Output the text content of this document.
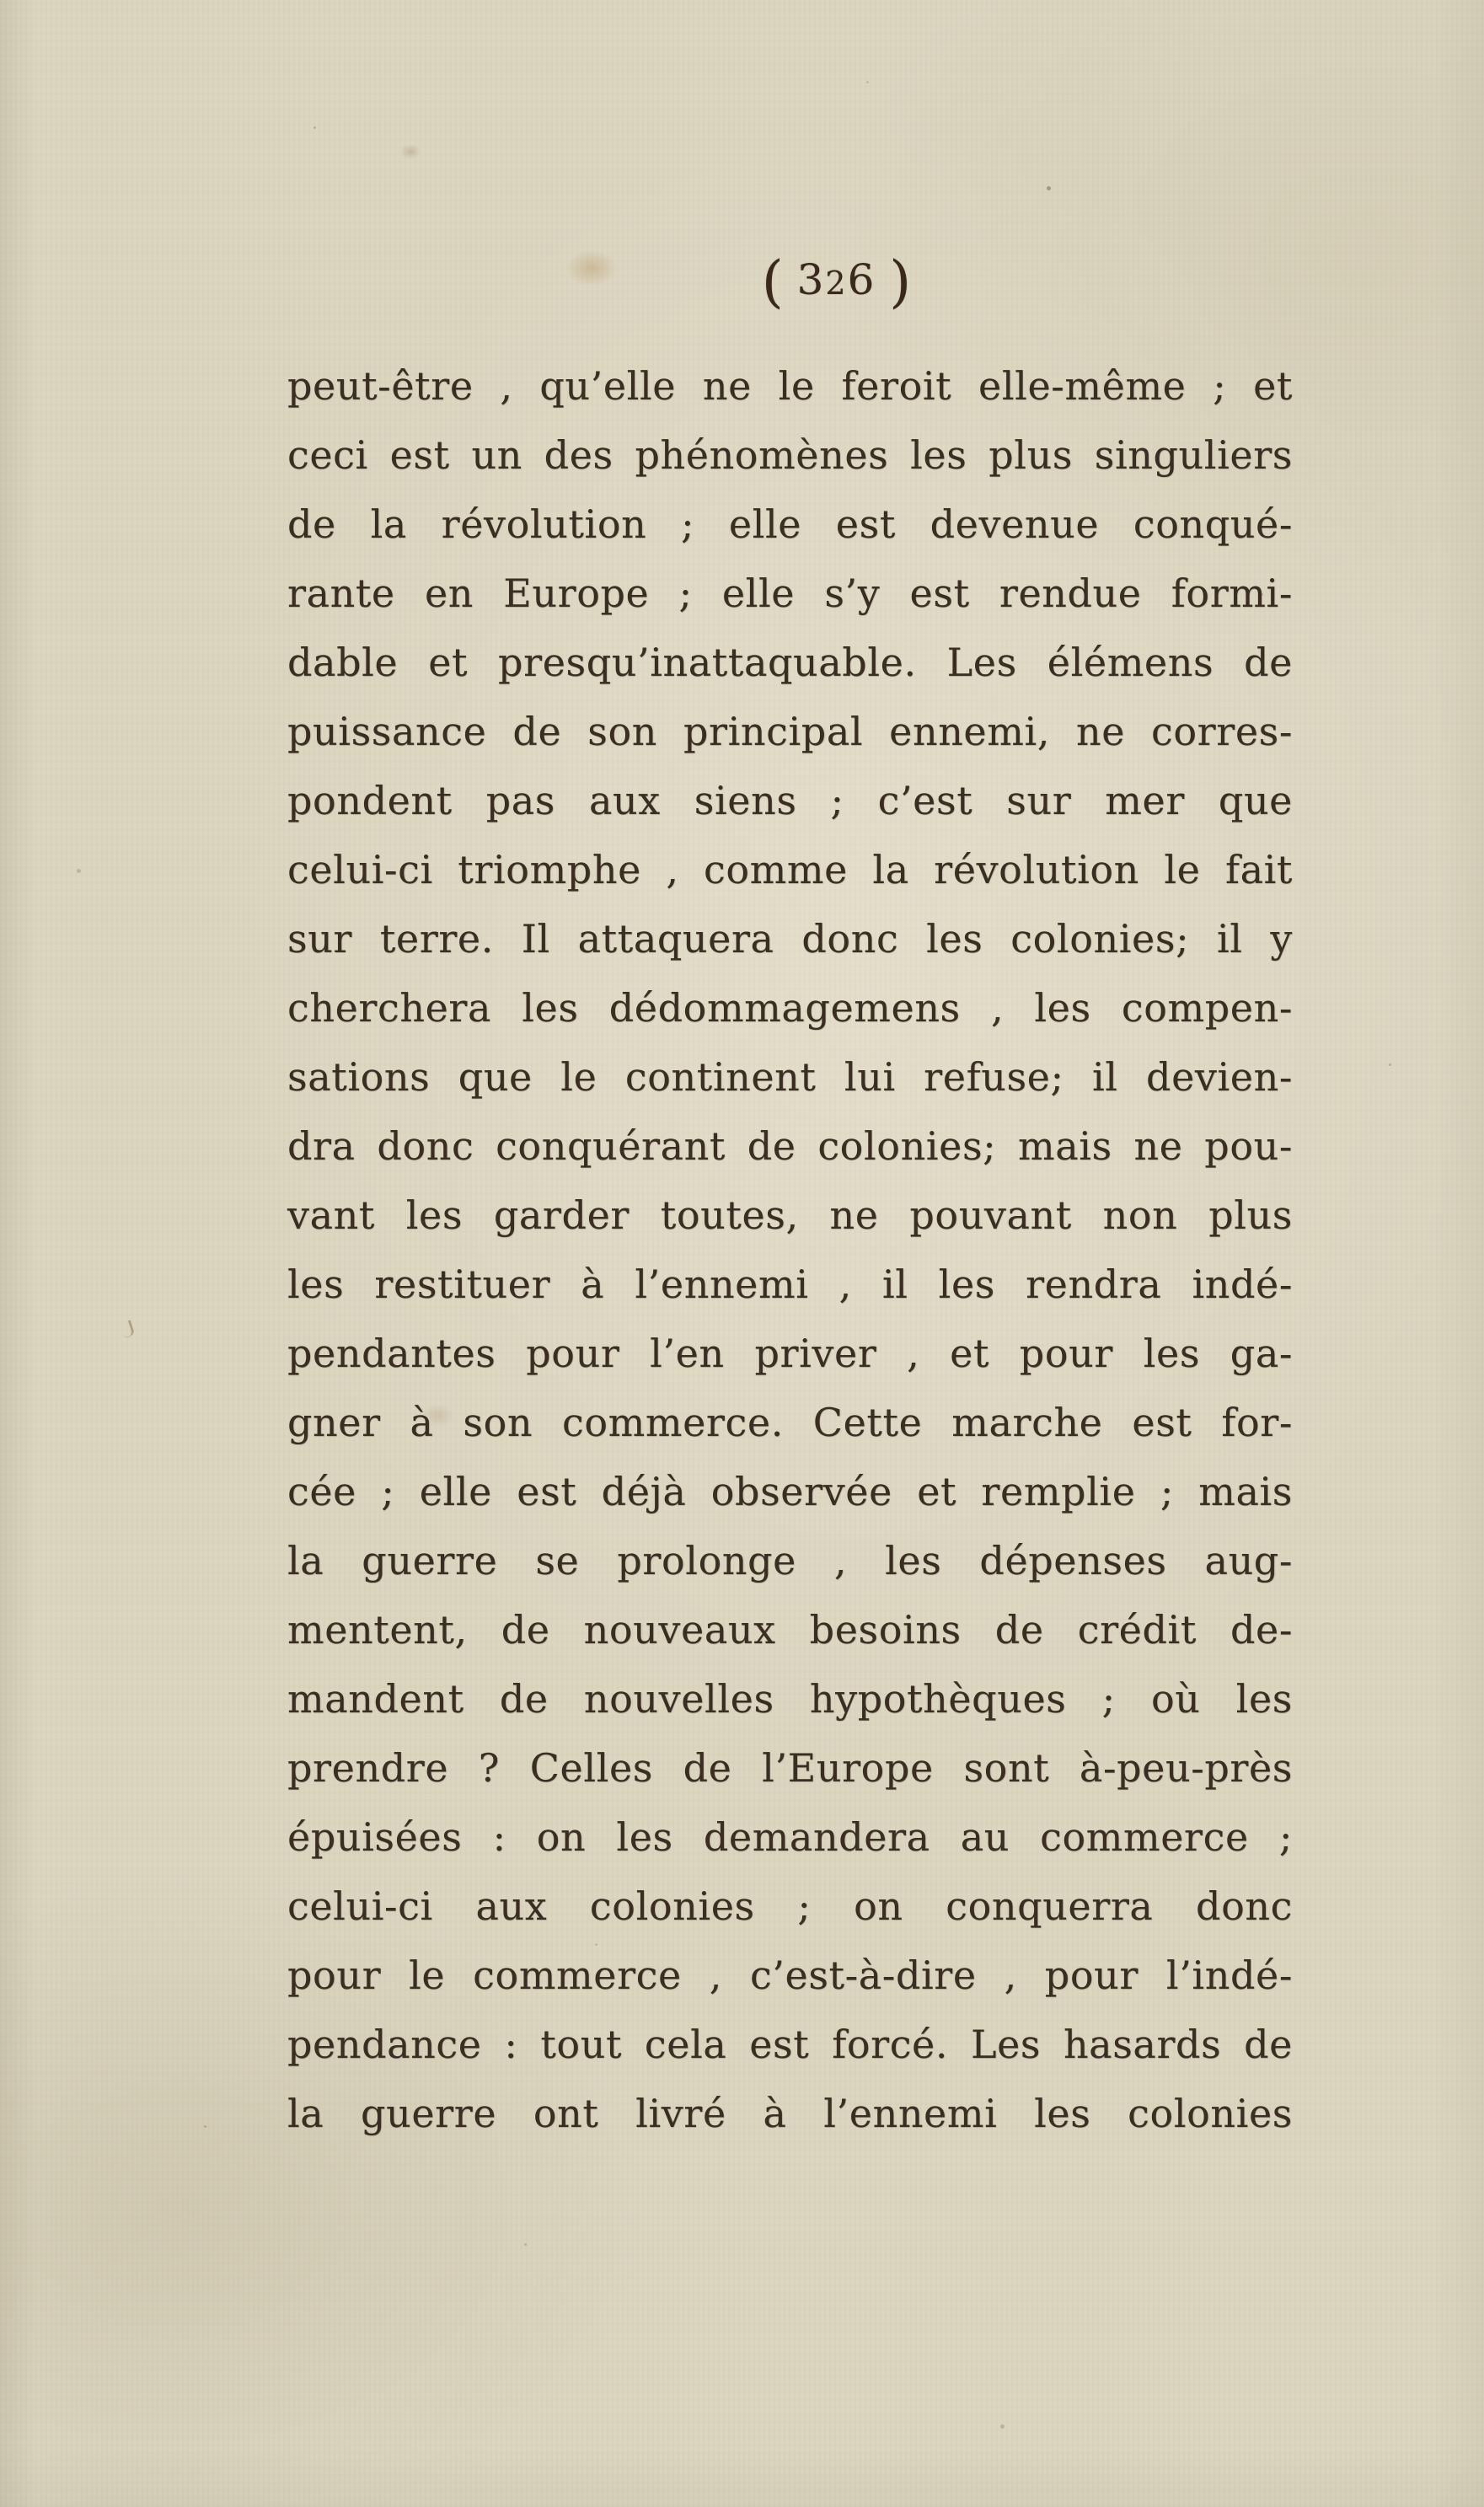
( 326 )
peut-être , qu’elle ne le feroit elle-même ; et
ceci est un des phénomènes les plus singuliers
de la révolution ; elle est devenue conqué-
rante en Europe ; elle s’y est rendue formi-
dable et presqu’inattaquable. Les élémens de
puissance de son principal ennemi, ne corres-
pondent pas aux siens ; c’est sur mer que
celui-ci triomphe , comme la révolution le fait
sur terre. Il attaquera donc les colonies; il y
cherchera les dédommagemens , les compen-
sations que le continent lui refuse; il devien-
dra donc conquérant de colonies; mais ne pou-
vant les garder toutes, ne pouvant non plus
les restituer à l’ennemi , il les rendra indé-
pendantes pour l’en priver , et pour les ga-
gner à son commerce. Cette marche est for-
cée ; elle est déjà observée et remplie ; mais
la guerre se prolonge , les dépenses aug-
mentent, de nouveaux besoins de crédit de-
mandent de nouvelles hypothèques ; où les
prendre ? Celles de l’Europe sont à-peu-près
épuisées : on les demandera au commerce ;
celui-ci aux colonies ; on conquerra donc
pour le commerce , c’est-à-dire , pour l’indé-
pendance : tout cela est forcé. Les hasards de
la guerre ont livré à l’ennemi les colonies
